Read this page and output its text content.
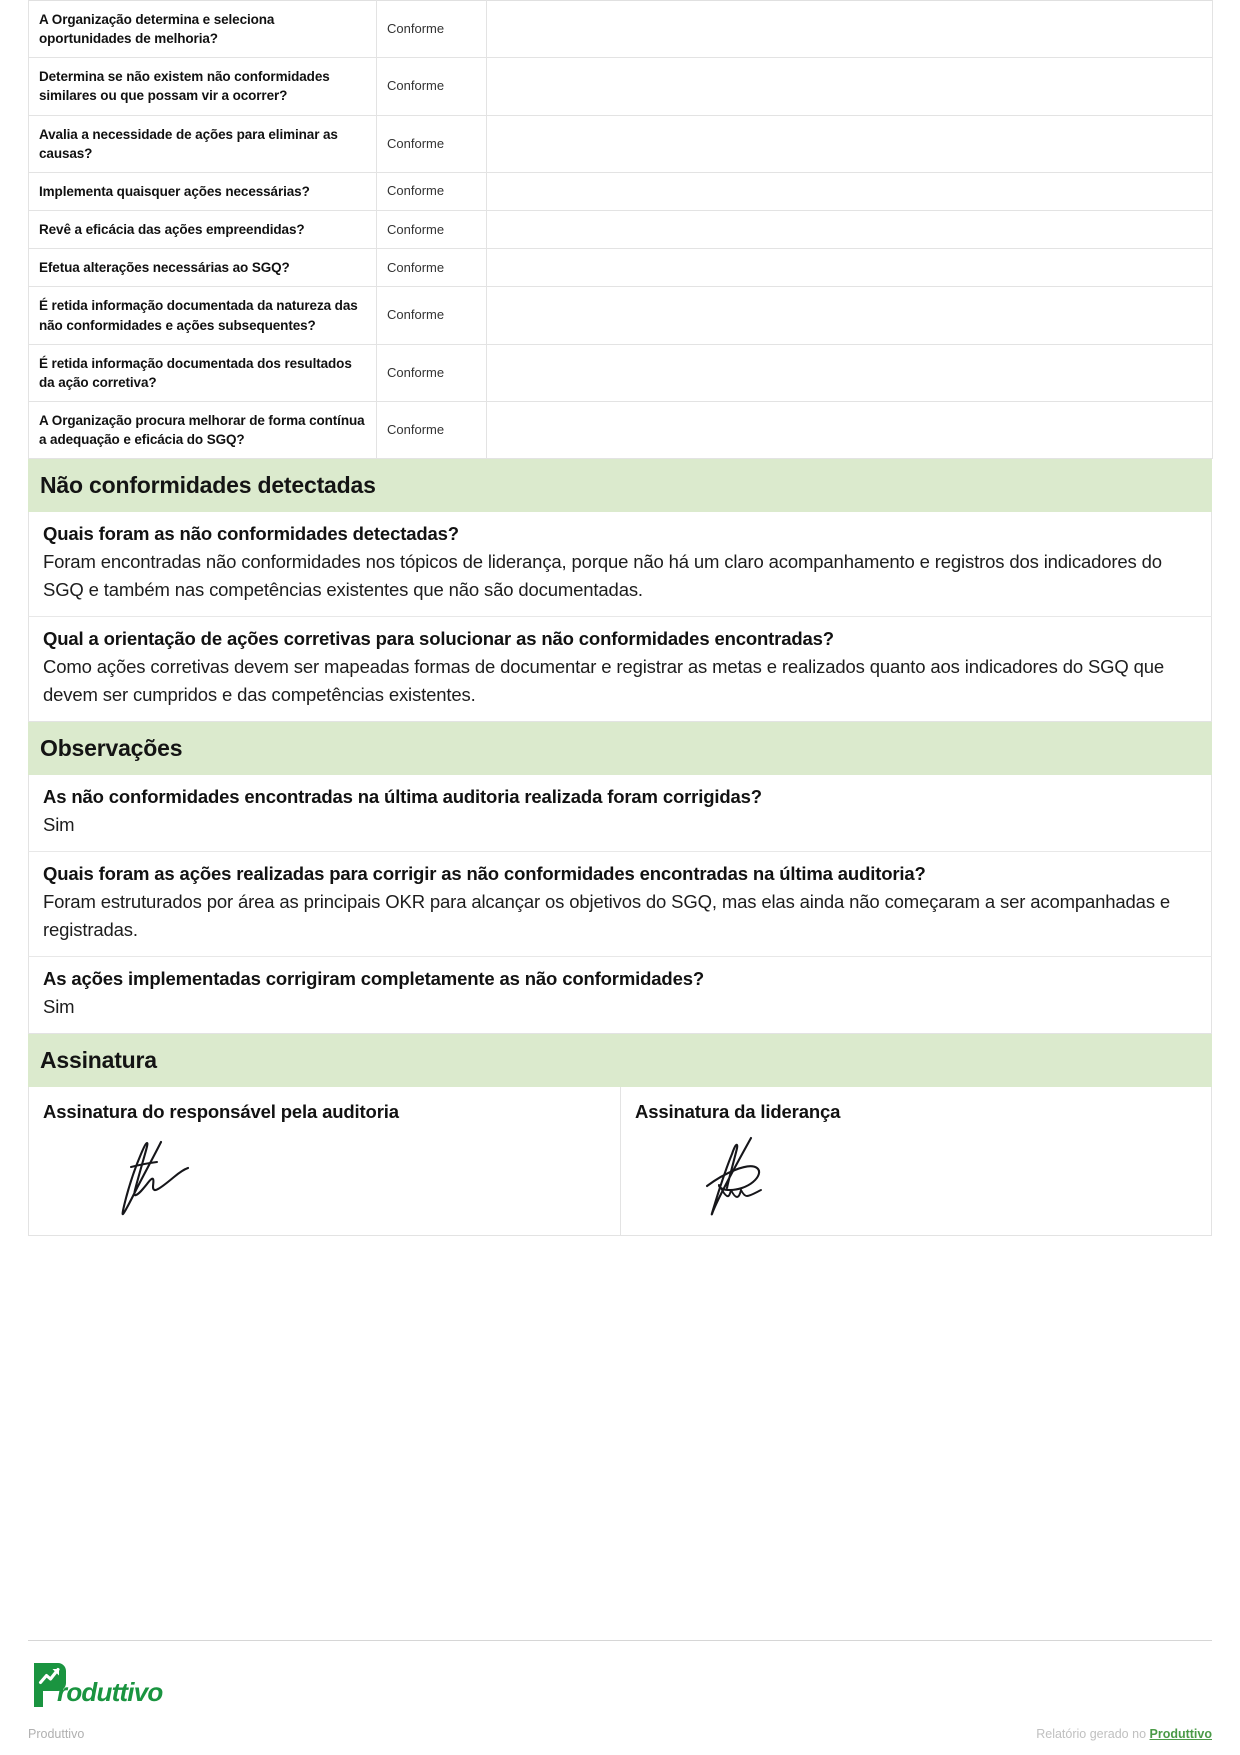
A Organização determina e seleciona oportunidades de melhoria?	Conforme	
Determina se não existem não conformidades similares ou que possam vir a ocorrer?	Conforme	
Avalia a necessidade de ações para eliminar as causas?	Conforme	
Implementa quaisquer ações necessárias?	Conforme	
Revê a eficácia das ações empreendidas?	Conforme	
Efetua alterações necessárias ao SGQ?	Conforme	
É retida informação documentada da natureza das não conformidades e ações subsequentes?	Conforme	
É retida informação documentada dos resultados da ação corretiva?	Conforme	
A Organização procura melhorar de forma contínua a adequação e eficácia do SGQ?	Conforme	
Não conformidades detectadas
Quais foram as não conformidades detectadas?
Foram encontradas não conformidades nos tópicos de liderança, porque não há um claro acompanhamento e registros dos indicadores do SGQ e também nas competências existentes que não são documentadas.
Qual a orientação de ações corretivas para solucionar as não conformidades encontradas?
Como ações corretivas devem ser mapeadas formas de documentar e registrar as metas e realizados quanto aos indicadores do SGQ que devem ser cumpridos e das competências existentes.
Observações
As não conformidades encontradas na última auditoria realizada foram corrigidas?
Sim
Quais foram as ações realizadas para corrigir as não conformidades encontradas na última auditoria?
Foram estruturados por área as principais OKR para alcançar os objetivos do SGQ, mas elas ainda não começaram a ser acompanhadas e registradas.
As ações implementadas corrigiram completamente as não conformidades?
Sim
Assinatura
Assinatura do responsável pela auditoria	Assinatura da liderança
roduttivo
Produttivo	Relatório gerado no Produttivo
